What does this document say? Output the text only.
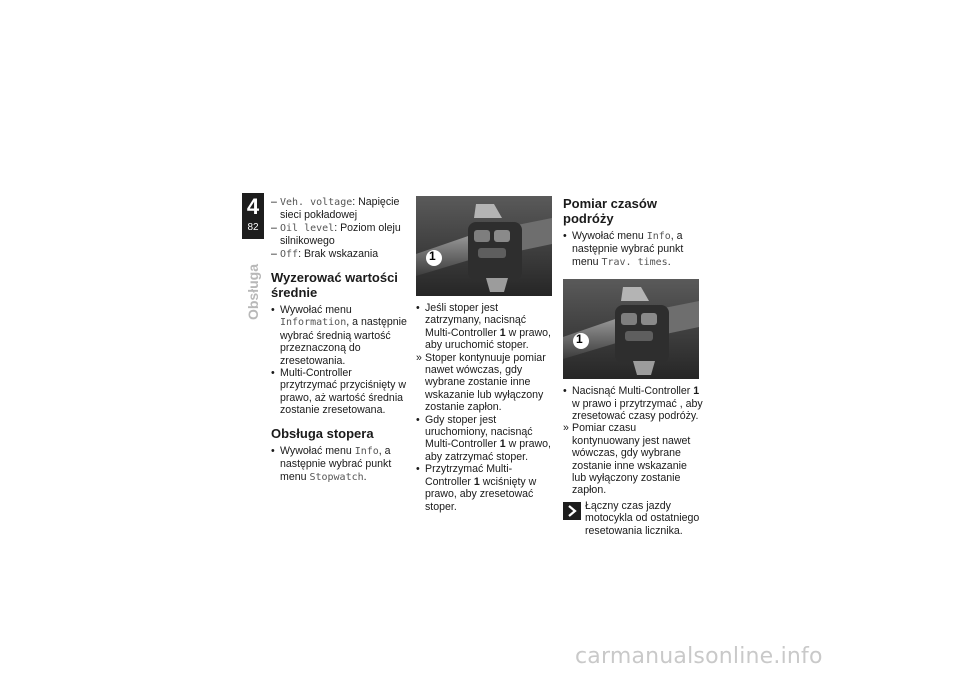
4
82
Obsługa
– Veh. voltage: Napięcie sieci pokładowej
– Oil level: Poziom oleju silnikowego
– Off: Brak wskazania
Wyzerować wartości średnie
• Wywołać menu Information, a następnie wybrać średnią wartość przeznaczoną do zresetowania.
• Multi-Controller przytrzymać przyciśnięty w prawo, aż wartość średnia zostanie zresetowana.
Obsługa stopera
• Wywołać menu Info, a następnie wybrać punkt menu Stopwatch.
1
• Jeśli stoper jest zatrzymany, nacisnąć Multi-Controller 1 w prawo, aby uruchomić stoper.
» Stoper kontynuuje pomiar nawet wówczas, gdy wybrane zostanie inne wskazanie lub wyłączony zostanie zapłon.
• Gdy stoper jest uruchomiony, nacisnąć Multi-Controller 1 w prawo, aby zatrzymać stoper.
• Przytrzymać Multi-Controller 1 wciśnięty w prawo, aby zresetować stoper.
Pomiar czasów podróży
• Wywołać menu Info, a następnie wybrać punkt menu Trav. times.
1
• Nacisnąć Multi-Controller 1 w prawo i przytrzymać , aby zresetować czasy podróży.
» Pomiar czasu kontynuowany jest nawet wówczas, gdy wybrane zostanie inne wskazanie lub wyłączony zostanie zapłon.
Łączny czas jazdy motocykla od ostatniego resetowania licznika.
carmanualsonline.info
